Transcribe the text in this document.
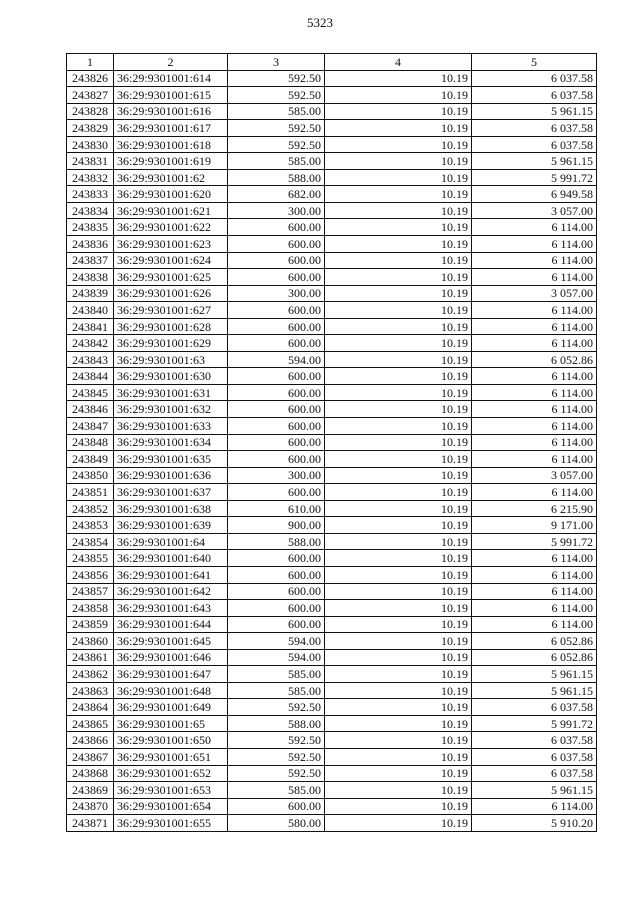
5323
1	2	3	4	5
243826	36:29:9301001:614	592.50	10.19	6 037.58
243827	36:29:9301001:615	592.50	10.19	6 037.58
243828	36:29:9301001:616	585.00	10.19	5 961.15
243829	36:29:9301001:617	592.50	10.19	6 037.58
243830	36:29:9301001:618	592.50	10.19	6 037.58
243831	36:29:9301001:619	585.00	10.19	5 961.15
243832	36:29:9301001:62	588.00	10.19	5 991.72
243833	36:29:9301001:620	682.00	10.19	6 949.58
243834	36:29:9301001:621	300.00	10.19	3 057.00
243835	36:29:9301001:622	600.00	10.19	6 114.00
243836	36:29:9301001:623	600.00	10.19	6 114.00
243837	36:29:9301001:624	600.00	10.19	6 114.00
243838	36:29:9301001:625	600.00	10.19	6 114.00
243839	36:29:9301001:626	300.00	10.19	3 057.00
243840	36:29:9301001:627	600.00	10.19	6 114.00
243841	36:29:9301001:628	600.00	10.19	6 114.00
243842	36:29:9301001:629	600.00	10.19	6 114.00
243843	36:29:9301001:63	594.00	10.19	6 052.86
243844	36:29:9301001:630	600.00	10.19	6 114.00
243845	36:29:9301001:631	600.00	10.19	6 114.00
243846	36:29:9301001:632	600.00	10.19	6 114.00
243847	36:29:9301001:633	600.00	10.19	6 114.00
243848	36:29:9301001:634	600.00	10.19	6 114.00
243849	36:29:9301001:635	600.00	10.19	6 114.00
243850	36:29:9301001:636	300.00	10.19	3 057.00
243851	36:29:9301001:637	600.00	10.19	6 114.00
243852	36:29:9301001:638	610.00	10.19	6 215.90
243853	36:29:9301001:639	900.00	10.19	9 171.00
243854	36:29:9301001:64	588.00	10.19	5 991.72
243855	36:29:9301001:640	600.00	10.19	6 114.00
243856	36:29:9301001:641	600.00	10.19	6 114.00
243857	36:29:9301001:642	600.00	10.19	6 114.00
243858	36:29:9301001:643	600.00	10.19	6 114.00
243859	36:29:9301001:644	600.00	10.19	6 114.00
243860	36:29:9301001:645	594.00	10.19	6 052.86
243861	36:29:9301001:646	594.00	10.19	6 052.86
243862	36:29:9301001:647	585.00	10.19	5 961.15
243863	36:29:9301001:648	585.00	10.19	5 961.15
243864	36:29:9301001:649	592.50	10.19	6 037.58
243865	36:29:9301001:65	588.00	10.19	5 991.72
243866	36:29:9301001:650	592.50	10.19	6 037.58
243867	36:29:9301001:651	592.50	10.19	6 037.58
243868	36:29:9301001:652	592.50	10.19	6 037.58
243869	36:29:9301001:653	585.00	10.19	5 961.15
243870	36:29:9301001:654	600.00	10.19	6 114.00
243871	36:29:9301001:655	580.00	10.19	5 910.20
